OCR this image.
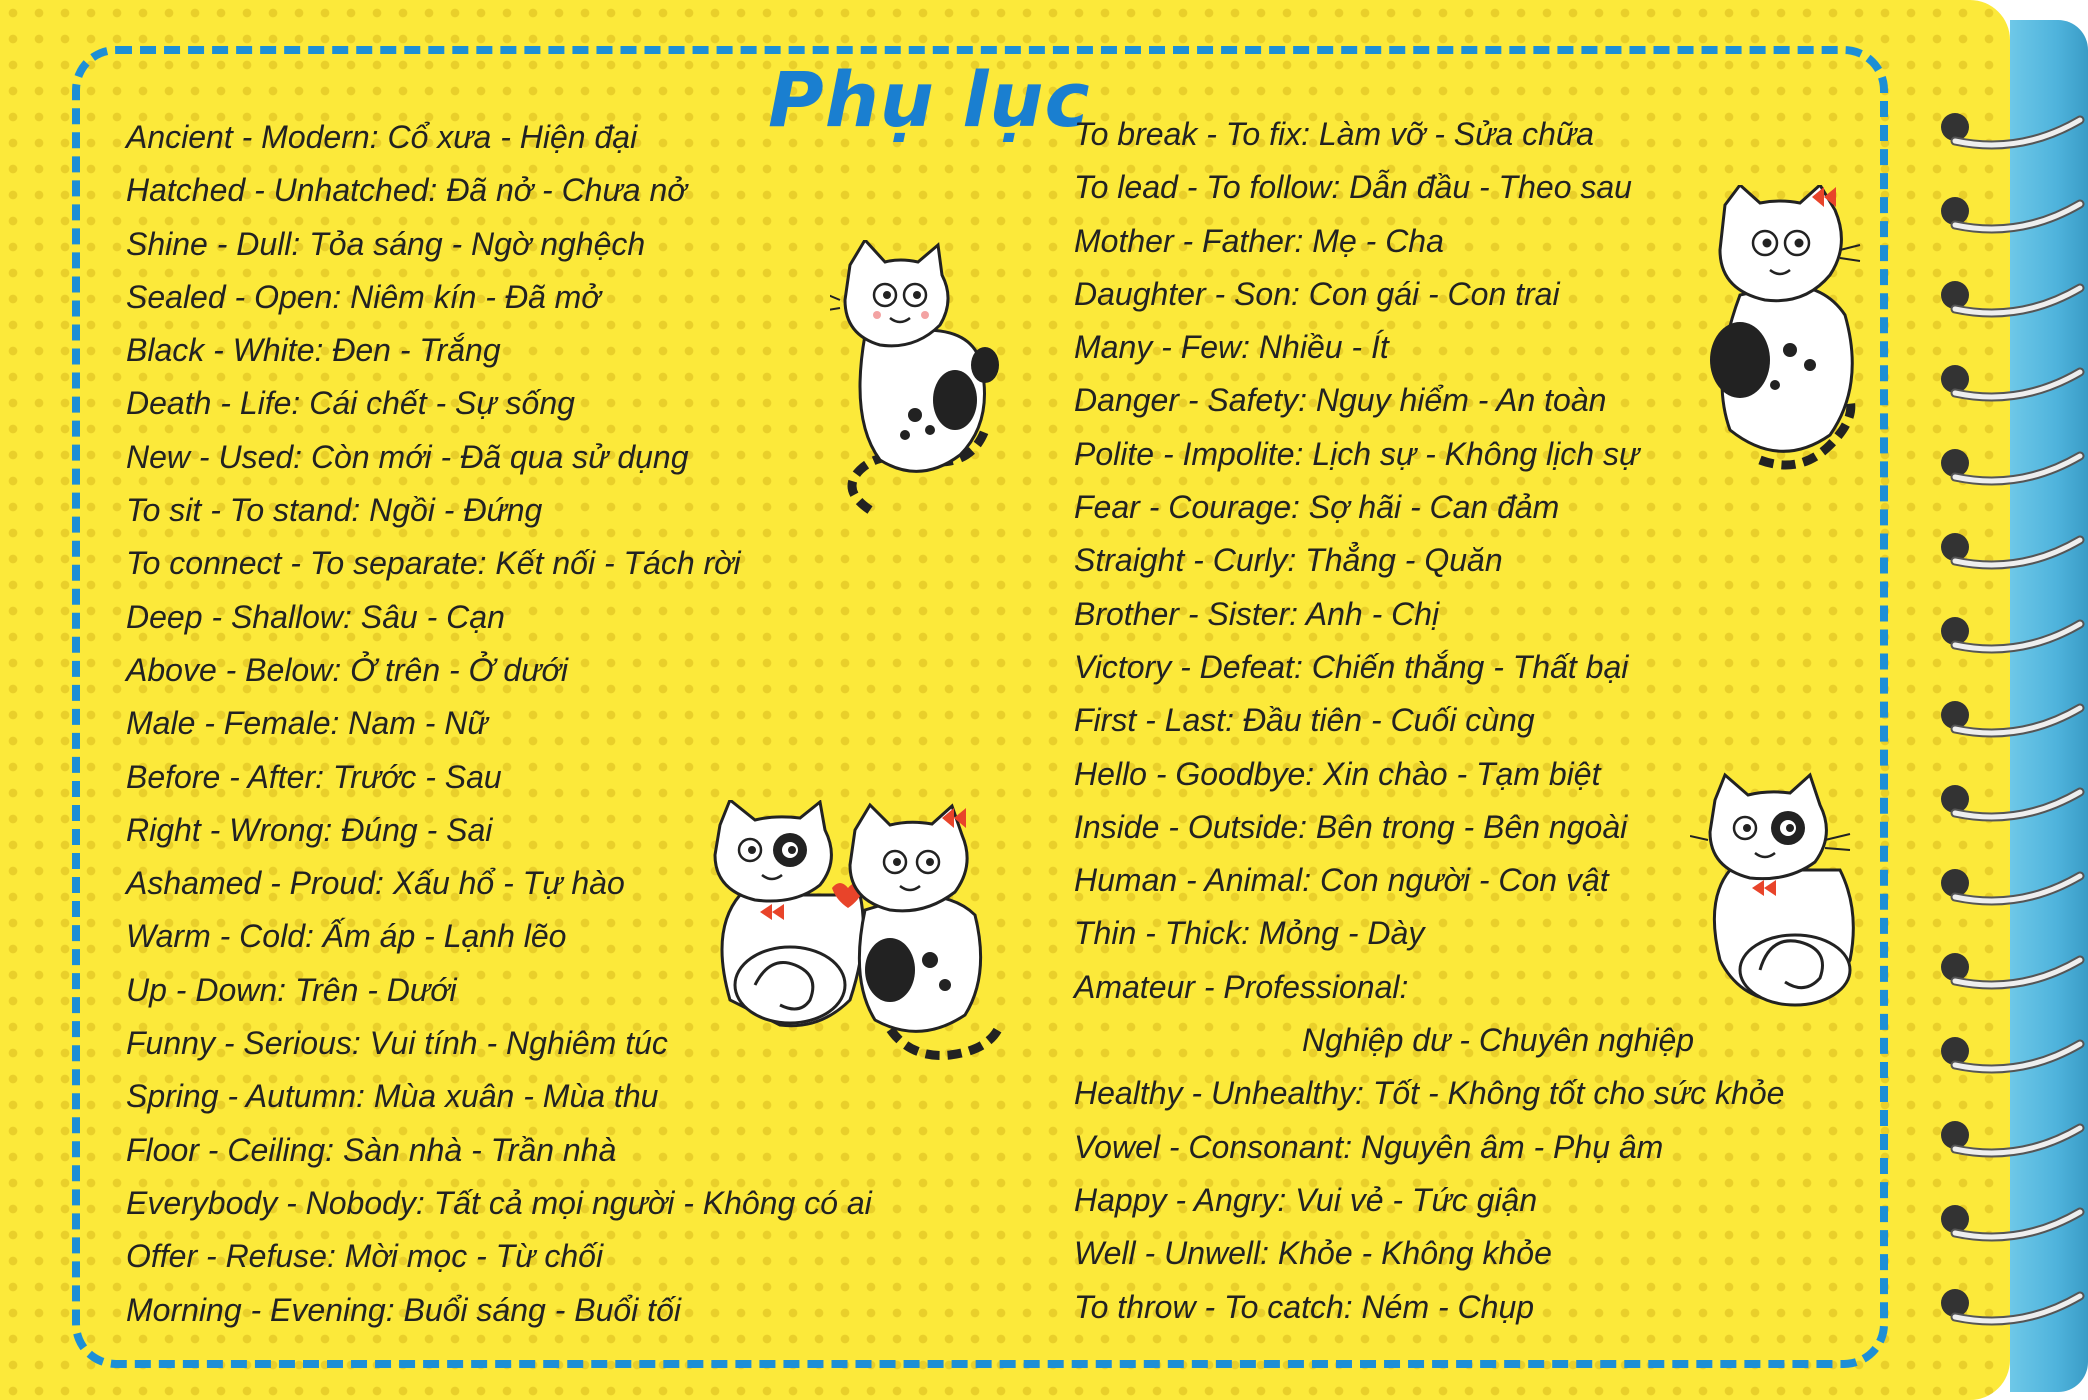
Phụ lục
Ancient - Modern: Cổ xưa - Hiện đại
Hatched - Unhatched: Đã nở - Chưa nở
Shine - Dull: Tỏa sáng - Ngờ nghệch
Sealed - Open: Niêm kín - Đã mở
Black - White: Đen - Trắng
Death - Life: Cái chết - Sự sống
New - Used: Còn mới - Đã qua sử dụng
To sit - To stand: Ngồi - Đứng
To connect - To separate: Kết nối - Tách rời
Deep - Shallow: Sâu - Cạn
Above - Below: Ở trên - Ở dưới
Male - Female: Nam - Nữ
Before - After: Trước - Sau
Right - Wrong: Đúng - Sai
Ashamed - Proud: Xấu hổ - Tự hào
Warm - Cold: Ấm áp - Lạnh lẽo
Up - Down: Trên - Dưới
Funny - Serious: Vui tính - Nghiêm túc
Spring - Autumn: Mùa xuân - Mùa thu
Floor - Ceiling: Sàn nhà - Trần nhà
Everybody - Nobody: Tất cả mọi người - Không có ai
Offer - Refuse: Mời mọc - Từ chối
Morning - Evening: Buổi sáng - Buổi tối
To break - To fix: Làm vỡ - Sửa chữa
To lead - To follow: Dẫn đầu - Theo sau
Mother - Father: Mẹ - Cha
Daughter - Son: Con gái - Con trai
Many - Few: Nhiều - Ít
Danger - Safety: Nguy hiểm - An toàn
Polite - Impolite: Lịch sự - Không lịch sự
Fear - Courage: Sợ hãi - Can đảm
Straight - Curly: Thẳng - Quăn
Brother - Sister: Anh - Chị
Victory - Defeat: Chiến thắng - Thất bại
First - Last: Đầu tiên - Cuối cùng
Hello - Goodbye: Xin chào - Tạm biệt
Inside - Outside: Bên trong - Bên ngoài
Human - Animal: Con người - Con vật
Thin - Thick: Mỏng - Dày
Amateur - Professional:
Nghiệp dư - Chuyên nghiệp
Healthy - Unhealthy: Tốt - Không tốt cho sức khỏe
Vowel - Consonant: Nguyên âm - Phụ âm
Happy - Angry: Vui vẻ - Tức giận
Well - Unwell: Khỏe - Không khỏe
To throw - To catch: Ném - Chụp
